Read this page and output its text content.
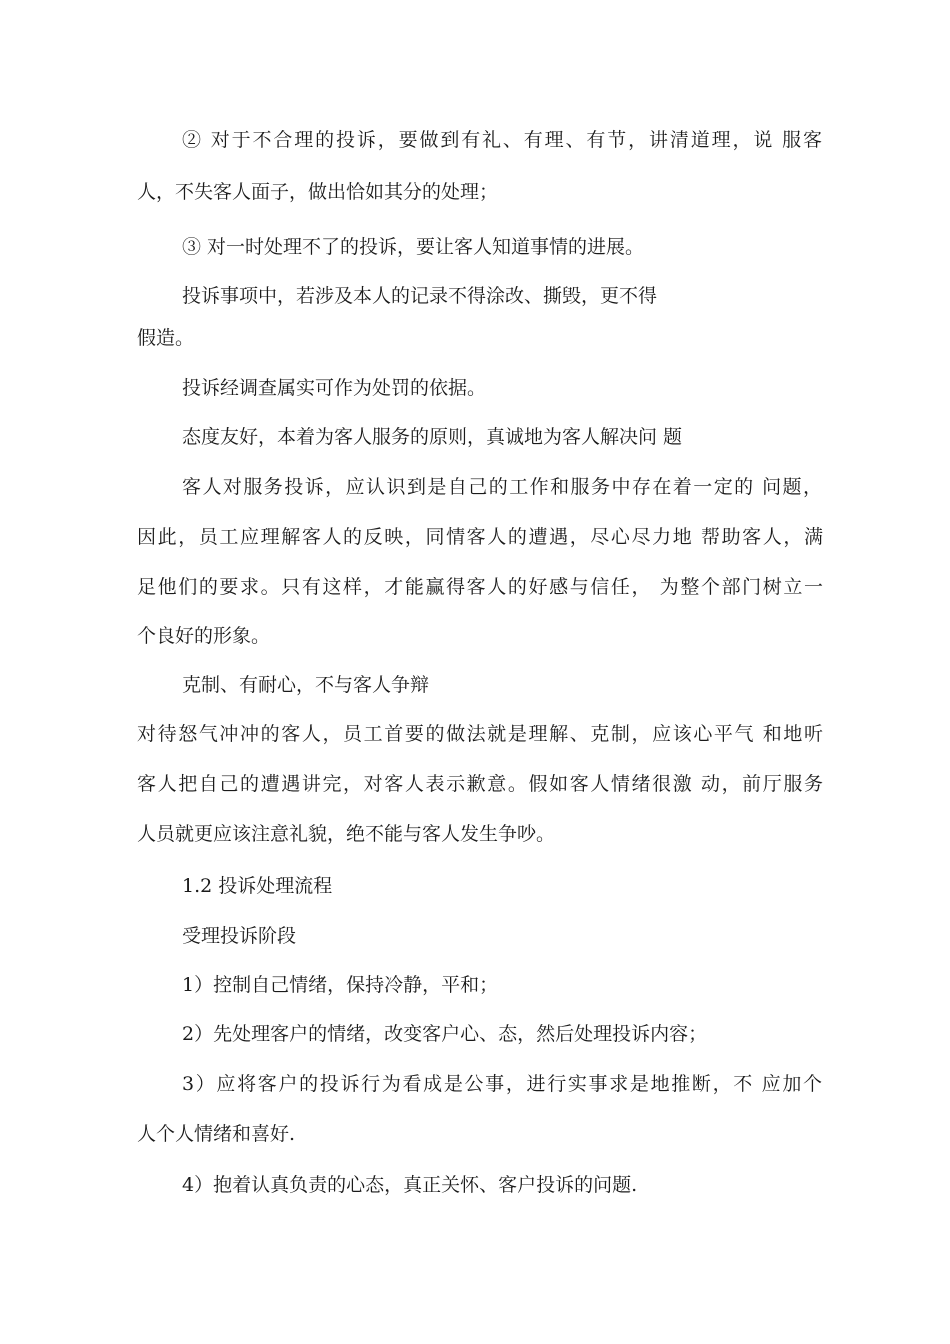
② 对于不合理的投诉，要做到有礼、有理、有节，讲清道理，说 服客
人，不失客人面子，做出恰如其分的处理；
③ 对一时处理不了的投诉，要让客人知道事情的进展。
投诉事项中，若涉及本人的记录不得涂改、撕毁，更不得
假造。
投诉经调查属实可作为处罚的依据。
态度友好，本着为客人服务的原则，真诚地为客人解决问 题
客人对服务投诉，应认识到是自己的工作和服务中存在着一定的 问题，
因此，员工应理解客人的反映，同情客人的遭遇，尽心尽力地 帮助客人，满
足他们的要求。只有这样，才能赢得客人的好感与信任， 为整个部门树立一
个良好的形象。
克制、有耐心，不与客人争辩
对待怒气冲冲的客人，员工首要的做法就是理解、克制，应该心平气 和地听
客人把自己的遭遇讲完，对客人表示歉意。假如客人情绪很激 动，前厅服务
人员就更应该注意礼貌，绝不能与客人发生争吵。
1.2 投诉处理流程
受理投诉阶段
1）控制自己情绪，保持冷静，平和；
2）先处理客户的情绪，改变客户心、态，然后处理投诉内容；
3）应将客户的投诉行为看成是公事，进行实事求是地推断，不 应加个
人个人情绪和喜好.
4）抱着认真负责的心态，真正关怀、客户投诉的问题.
